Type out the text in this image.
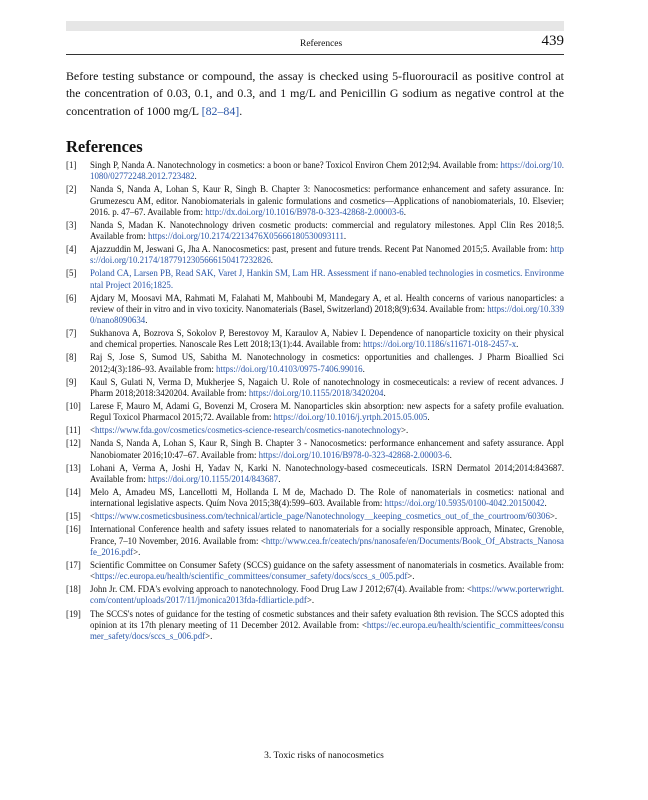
References	439

Before testing substance or compound, the assay is checked using 5-fluorouracil as positive control at the concentration of 0.03, 0.1, and 0.3, and 1 mg/L and Penicillin G sodium as negative control at the concentration of 1000 mg/L [82–84].

References
[1] Singh P, Nanda A. Nanotechnology in cosmetics: a boon or bane? Toxicol Environ Chem 2012;94. Available from: https://doi.org/10.1080/02772248.2012.723482.
[2] Nanda S, Nanda A, Lohan S, Kaur R, Singh B. Chapter 3: Nanocosmetics: performance enhancement and safety assurance. In: Grumezescu AM, editor. Nanobiomaterials in galenic formulations and cosmetics—Applications of nanobiomaterials, 10. Elsevier; 2016. p. 47–67. Available from: http://dx.doi.org/10.1016/B978-0-323-42868-2.00003-6.
[3] Nanda S, Madan K. Nanotechnology driven cosmetic products: commercial and regulatory milestones. Appl Clin Res 2018;5. Available from: https://doi.org/10.2174/2213476X05666180530093111.
[4] Ajazzuddin M, Jeswani G, Jha A. Nanocosmetics: past, present and future trends. Recent Pat Nanomed 2015;5. Available from: https://doi.org/10.2174/1877912305666150417232826.
[5] Poland CA, Larsen PB, Read SAK, Varet J, Hankin SM, Lam HR. Assessment if nano-enabled technologies in cosmetics. Environmental Project 2016;1825.
[6] Ajdary M, Moosavi MA, Rahmati M, Falahati M, Mahboubi M, Mandegary A, et al. Health concerns of various nanoparticles: a review of their in vitro and in vivo toxicity. Nanomaterials (Basel, Switzerland) 2018;8(9):634. Available from: https://doi.org/10.3390/nano8090634.
[7] Sukhanova A, Bozrova S, Sokolov P, Berestovoy M, Karaulov A, Nabiev I. Dependence of nanoparticle toxicity on their physical and chemical properties. Nanoscale Res Lett 2018;13(1):44. Available from: https://doi.org/10.1186/s11671-018-2457-x.
[8] Raj S, Jose S, Sumod US, Sabitha M. Nanotechnology in cosmetics: opportunities and challenges. J Pharm Bioallied Sci 2012;4(3):186–93. Available from: https://doi.org/10.4103/0975-7406.99016.
[9] Kaul S, Gulati N, Verma D, Mukherjee S, Nagaich U. Role of nanotechnology in cosmeceuticals: a review of recent advances. J Pharm 2018;2018:3420204. Available from: https://doi.org/10.1155/2018/3420204.
[10] Larese F, Mauro M, Adami G, Bovenzi M, Crosera M. Nanoparticles skin absorption: new aspects for a safety profile evaluation. Regul Toxicol Pharmacol 2015;72. Available from: https://doi.org/10.1016/j.yrtph.2015.05.005.
[11] <https://www.fda.gov/cosmetics/cosmetics-science-research/cosmetics-nanotechnology>.
[12] Nanda S, Nanda A, Lohan S, Kaur R, Singh B. Chapter 3 - Nanocosmetics: performance enhancement and safety assurance. Appl Nanobiomater 2016;10:47–67. Available from: https://doi.org/10.1016/B978-0-323-42868-2.00003-6.
[13] Lohani A, Verma A, Joshi H, Yadav N, Karki N. Nanotechnology-based cosmeceuticals. ISRN Dermatol 2014;2014:843687. Available from: https://doi.org/10.1155/2014/843687.
[14] Melo A, Amadeu MS, Lancellotti M, Hollanda L M de, Machado D. The Role of nanomaterials in cosmetics: national and international legislative aspects. Quím Nova 2015;38(4):599–603. Available from: https://doi.org/10.5935/0100-4042.20150042.
[15] <https://www.cosmeticsbusiness.com/technical/article_page/Nanotechnology__keeping_cosmetics_out_of_the_courtroom/60306>.
[16] International Conference health and safety issues related to nanomaterials for a socially responsible approach, Minatec, Grenoble, France, 7–10 November, 2016. Available from: <http://www.cea.fr/ceatech/pns/nanosafe/en/Documents/Book_Of_Abstracts_Nanosafe_2016.pdf>.
[17] Scientific Committee on Consumer Safety (SCCS) guidance on the safety assessment of nanomaterials in cosmetics. Available from: <https://ec.europa.eu/health/scientific_committees/consumer_safety/docs/sccs_s_005.pdf>.
[18] John Jr. CM. FDA's evolving approach to nanotechnology. Food Drug Law J 2012;67(4). Available from: <https://www.porterwright.com/content/uploads/2017/11/jmonica2013fda-fdliarticle.pdf>.
[19] The SCCS's notes of guidance for the testing of cosmetic substances and their safety evaluation 8th revision. The SCCS adopted this opinion at its 17th plenary meeting of 11 December 2012. Available from: <https://ec.europa.eu/health/scientific_committees/consumer_safety/docs/sccs_s_006.pdf>.
3. Toxic risks of nanocosmetics
